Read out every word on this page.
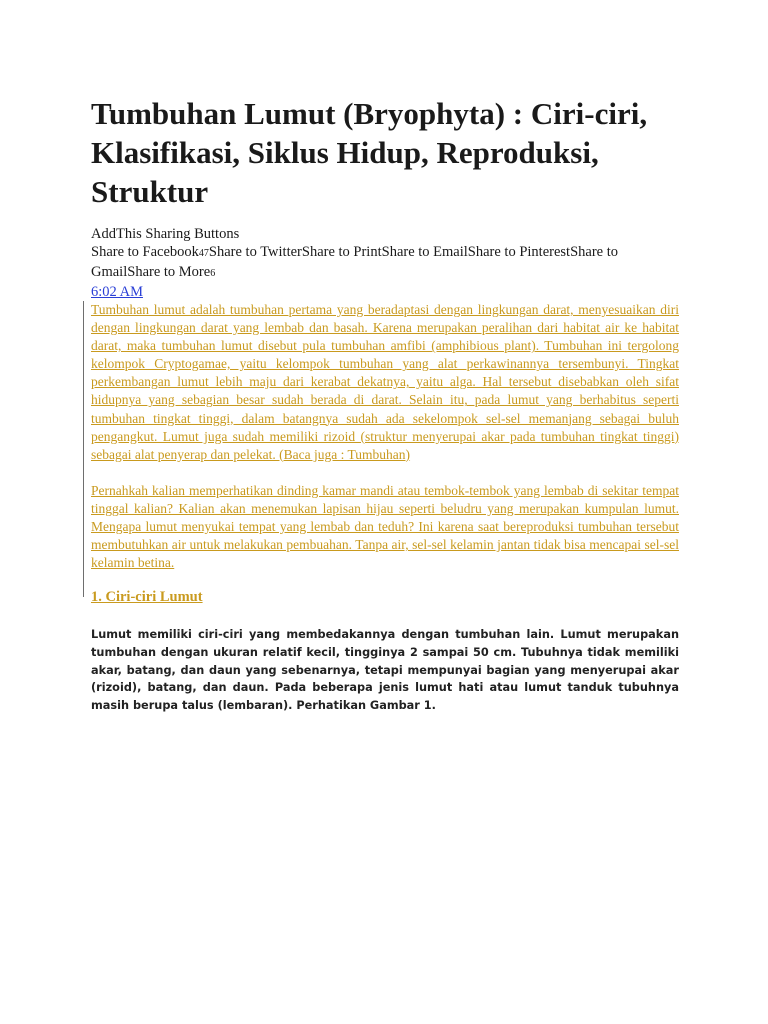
Tumbuhan Lumut (Bryophyta) : Ciri-ciri, Klasifikasi, Siklus Hidup, Reproduksi, Struktur

AddThis Sharing Buttons

Share to Facebook47Share to TwitterShare to PrintShare to EmailShare to PinterestShare to GmailShare to More6

6:02 AM

Tumbuhan lumut adalah tumbuhan pertama yang beradaptasi dengan lingkungan darat, menyesuaikan diri dengan lingkungan darat yang lembab dan basah. Karena merupakan peralihan dari habitat air ke habitat darat, maka tumbuhan lumut disebut pula tumbuhan amfibi (amphibious plant). Tumbuhan ini tergolong kelompok Cryptogamae, yaitu kelompok tumbuhan yang alat perkawinannya tersembunyi. Tingkat perkembangan lumut lebih maju dari kerabat dekatnya, yaitu alga. Hal tersebut disebabkan oleh sifat hidupnya yang sebagian besar sudah berada di darat. Selain itu, pada lumut yang berhabitus seperti tumbuhan tingkat tinggi, dalam batangnya sudah ada sekelompok sel-sel memanjang sebagai buluh pengangkut. Lumut juga sudah memiliki rizoid (struktur menyerupai akar pada tumbuhan tingkat tinggi) sebagai alat penyerap dan pelekat. (Baca juga : Tumbuhan)

Pernahkah kalian memperhatikan dinding kamar mandi atau tembok-tembok yang lembab di sekitar tempat tinggal kalian? Kalian akan menemukan lapisan hijau seperti beludru yang merupakan kumpulan lumut. Mengapa lumut menyukai tempat yang lembab dan teduh? Ini karena saat bereproduksi tumbuhan tersebut membutuhkan air untuk melakukan pembuahan. Tanpa air, sel-sel kelamin jantan tidak bisa mencapai sel-sel kelamin betina.

1. Ciri-ciri Lumut

Lumut memiliki ciri-ciri yang membedakannya dengan tumbuhan lain. Lumut merupakan tumbuhan dengan ukuran relatif kecil, tingginya 2 sampai 50 cm. Tubuhnya tidak memiliki akar, batang, dan daun yang sebenarnya, tetapi mempunyai bagian yang menyerupai akar (rizoid), batang, dan daun. Pada beberapa jenis lumut hati atau lumut tanduk tubuhnya masih berupa talus (lembaran). Perhatikan Gambar 1.
